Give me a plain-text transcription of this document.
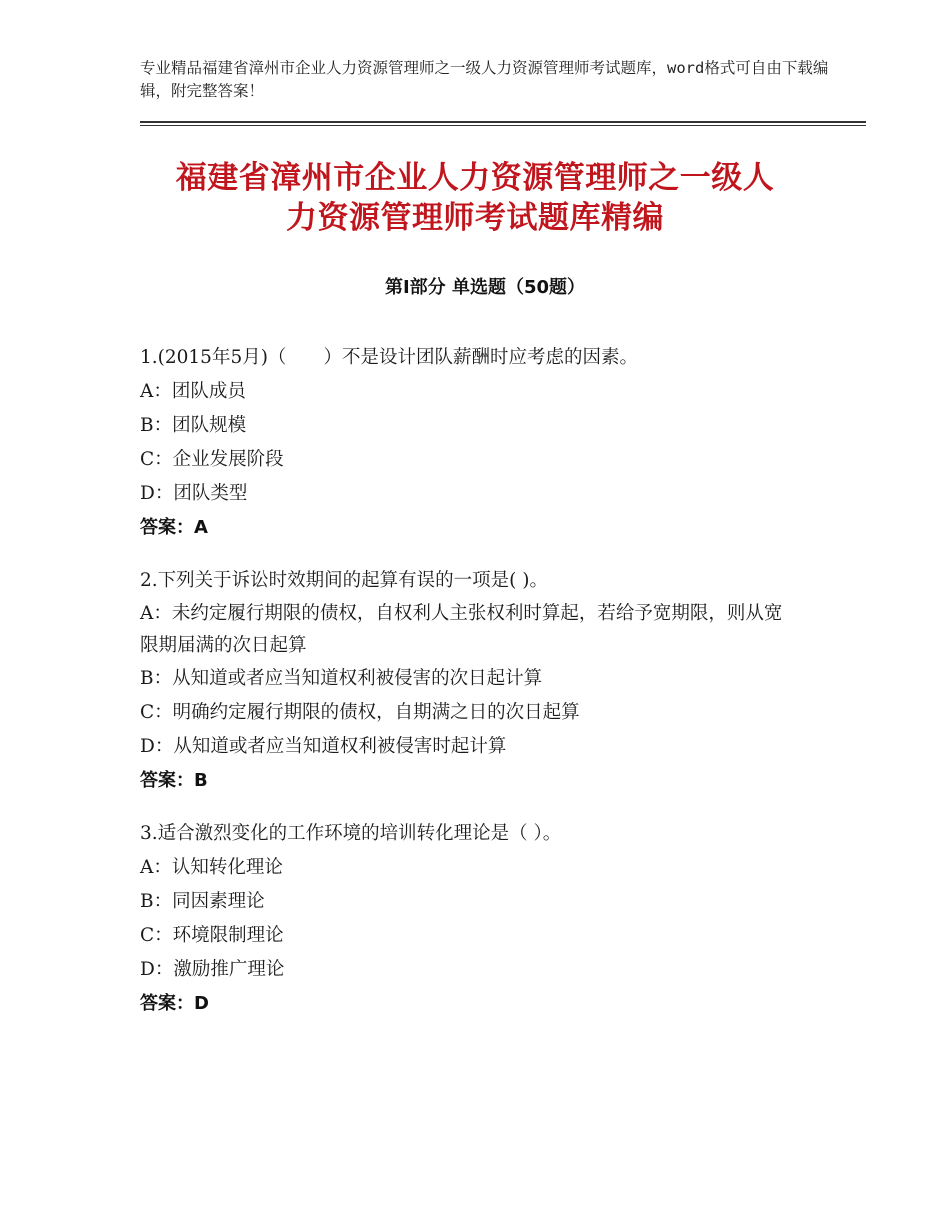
专业精品福建省漳州市企业人力资源管理师之一级人力资源管理师考试题库，word格式可自由下载编辑，附完整答案！
福建省漳州市企业人力资源管理师之一级人
力资源管理师考试题库精编
第Ⅰ部分 单选题（50题）
1.(2015年5月)（　　）不是设计团队薪酬时应考虑的因素。
A：团队成员
B：团队规模
C：企业发展阶段
D：团队类型
答案：A
2.下列关于诉讼时效期间的起算有误的一项是( )。
A：未约定履行期限的债权，自权利人主张权利时算起，若给予宽期限，则从宽限期届满的次日起算
B：从知道或者应当知道权利被侵害的次日起计算
C：明确约定履行期限的债权，自期满之日的次日起算
D：从知道或者应当知道权利被侵害时起计算
答案：B
3.适合激烈变化的工作环境的培训转化理论是（ ）。
A：认知转化理论
B：同因素理论
C：环境限制理论
D：激励推广理论
答案：D
